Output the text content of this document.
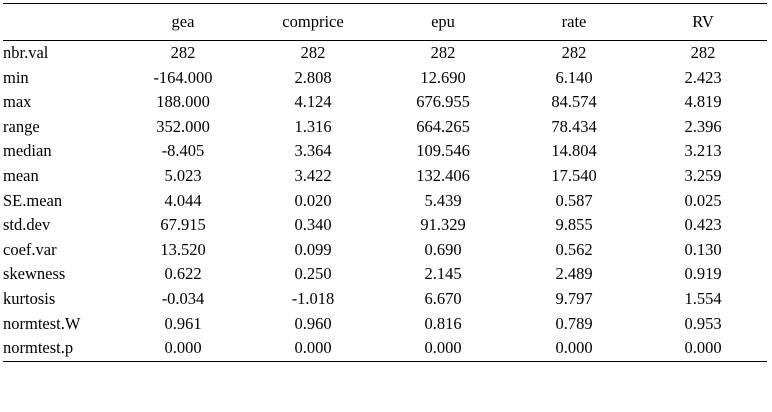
	gea	comprice	epu	rate	RV
nbr.val	282	282	282	282	282
min	-164.000	2.808	12.690	6.140	2.423
max	188.000	4.124	676.955	84.574	4.819
range	352.000	1.316	664.265	78.434	2.396
median	-8.405	3.364	109.546	14.804	3.213
mean	5.023	3.422	132.406	17.540	3.259
SE.mean	4.044	0.020	5.439	0.587	0.025
std.dev	67.915	0.340	91.329	9.855	0.423
coef.var	13.520	0.099	0.690	0.562	0.130
skewness	0.622	0.250	2.145	2.489	0.919
kurtosis	-0.034	-1.018	6.670	9.797	1.554
normtest.W	0.961	0.960	0.816	0.789	0.953
normtest.p	0.000	0.000	0.000	0.000	0.000
